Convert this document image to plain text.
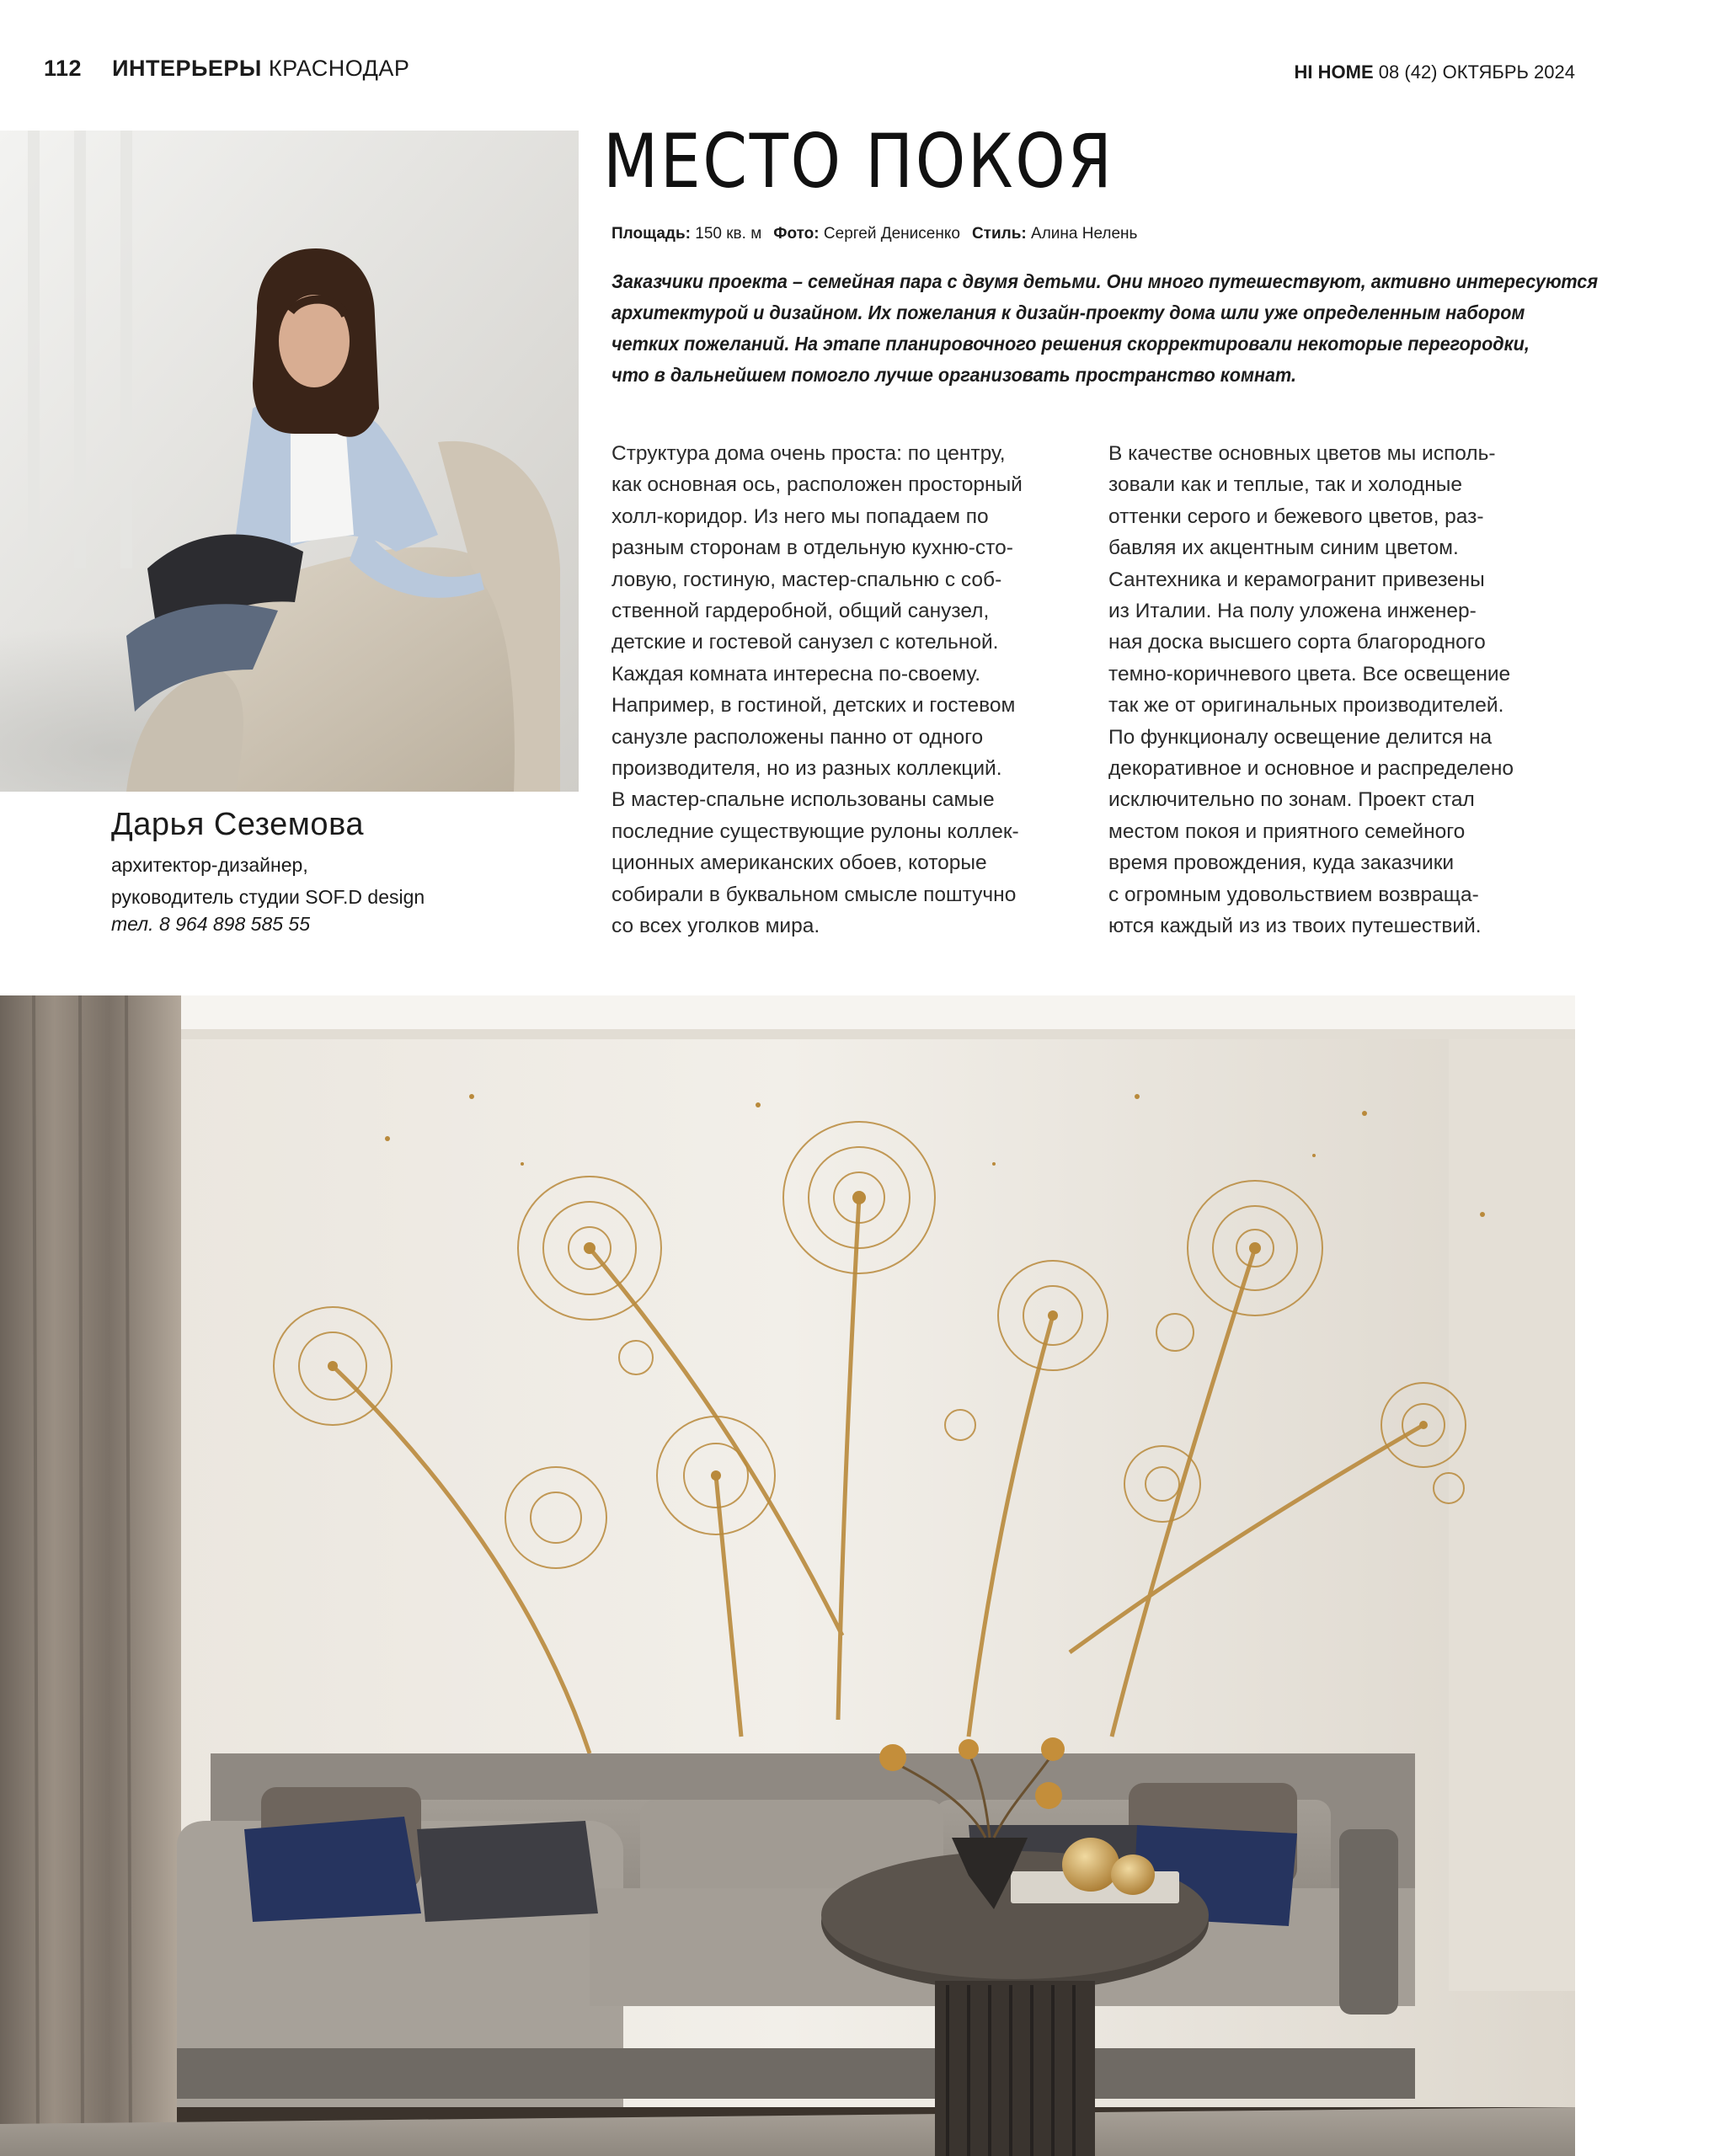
112 ИНТЕРЬЕРЫ КРАСНОДАР	HI HOME 08 (42) ОКТЯБРЬ 2024
Дарья Сеземова
архитектор-дизайнер,
руководитель студии SOF.D design
тел. 8 964 898 585 55
МЕСТО ПОКОЯ
Площадь: 150 кв. м Фото: Сергей Денисенко Стиль: Алина Нелень
Заказчики проекта – семейная пара с двумя детьми. Они много путешествуют, активно интересуются
архитектурой и дизайном. Их пожелания к дизайн-проекту дома шли уже определенным набором
четких пожеланий. На этапе планировочного решения скорректировали некоторые перегородки,
что в дальнейшем помогло лучше организовать пространство комнат.
Структура дома очень проста: по центру,
как основная ось, расположен просторный
холл-коридор. Из него мы попадаем по
разным сторонам в отдельную кухню-сто-
ловую, гостиную, мастер-спальню с соб-
ственной гардеробной, общий санузел,
детские и гостевой санузел с котельной.
Каждая комната интересна по-своему.
Например, в гостиной, детских и гостевом
санузле расположены панно от одного
производителя, но из разных коллекций.
В мастер-спальне использованы самые
последние существующие рулоны коллек-
ционных американских обоев, которые
собирали в буквальном смысле поштучно
со всех уголков мира.
В качестве основных цветов мы исполь-
зовали как и теплые, так и холодные
оттенки серого и бежевого цветов, раз-
бавляя их акцентным синим цветом.
Сантехника и керамогранит привезены
из Италии. На полу уложена инженер-
ная доска высшего сорта благородного
темно-коричневого цвета. Все освещение
так же от оригинальных производителей.
По функционалу освещение делится на
декоративное и основное и распределено
исключительно по зонам. Проект стал
местом покоя и приятного семейного
время провождения, куда заказчики
с огромным удовольствием возвраща-
ются каждый из из твоих путешествий.
